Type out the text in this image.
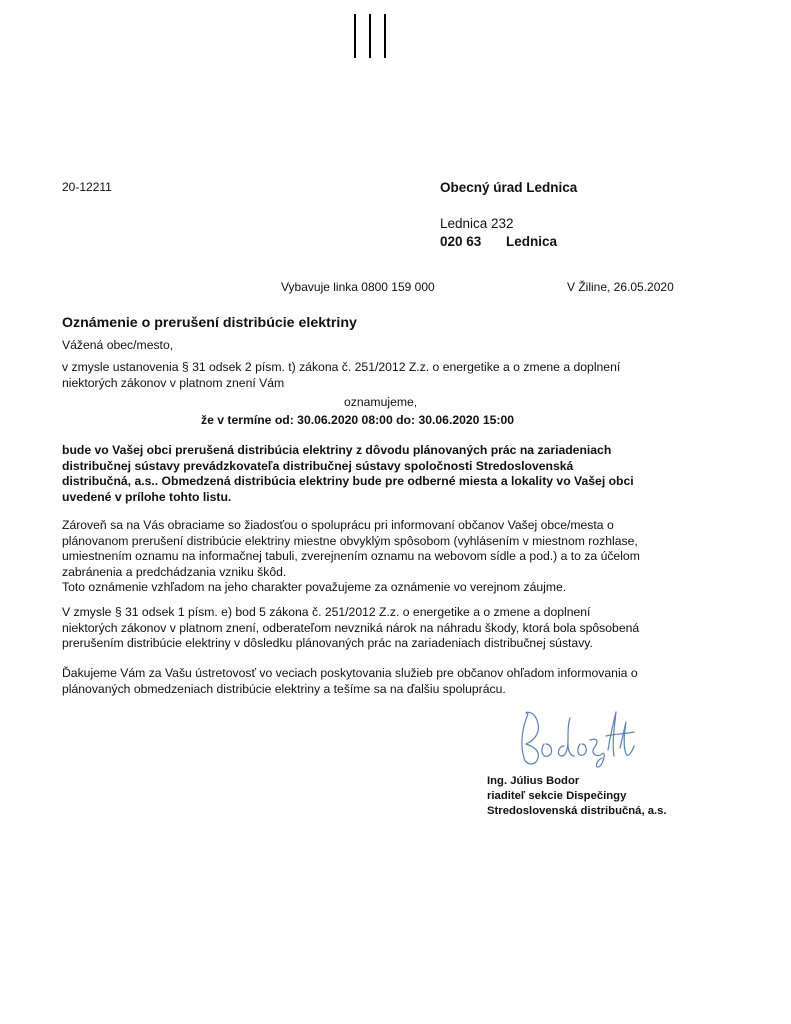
20-12211	Obecný úrad Lednica
Lednica 232
020 63 Lednica
Vybavuje linka 0800 159 000	V Žiline, 26.05.2020
Oznámenie o prerušení distribúcie elektriny
Vážená obec/mesto,
v zmysle ustanovenia § 31 odsek 2 písm. t) zákona č. 251/2012 Z.z. o energetike a o zmene a doplnení
niektorých zákonov v platnom znení Vám
oznamujeme,
že v termíne od: 30.06.2020 08:00 do: 30.06.2020 15:00
bude vo Vašej obci prerušená distribúcia elektriny z dôvodu plánovaných prác na zariadeniach
distribučnej sústavy prevádzkovateľa distribučnej sústavy spoločnosti Stredoslovenská
distribučná, a.s.. Obmedzená distribúcia elektriny bude pre odberné miesta a lokality vo Vašej obci
uvedené v prílohe tohto listu.
Zároveň sa na Vás obraciame so žiadosťou o spoluprácu pri informovaní občanov Vašej obce/mesta o
plánovanom prerušení distribúcie elektriny miestne obvyklým spôsobom (vyhlásením v miestnom rozhlase,
umiestnením oznamu na informačnej tabuli, zverejnením oznamu na webovom sídle a pod.) a to za účelom
zabránenia a predchádzania vzniku škôd.
Toto oznámenie vzhľadom na jeho charakter považujeme za oznámenie vo verejnom záujme.
V zmysle § 31 odsek 1 písm. e) bod 5 zákona č. 251/2012 Z.z. o energetike a o zmene a doplnení
niektorých zákonov v platnom znení, odberateľom nevzniká nárok na náhradu škody, ktorá bola spôsobená
prerušením distribúcie elektriny v dôsledku plánovaných prác na zariadeniach distribučnej sústavy.
Ďakujeme Vám za Vašu ústretovosť vo veciach poskytovania služieb pre občanov ohľadom informovania o
plánovaných obmedzeniach distribúcie elektriny a tešíme sa na ďalšiu spoluprácu.
Ing. Július Bodor
riaditeľ sekcie Dispečingy
Stredoslovenská distribučná, a.s.
